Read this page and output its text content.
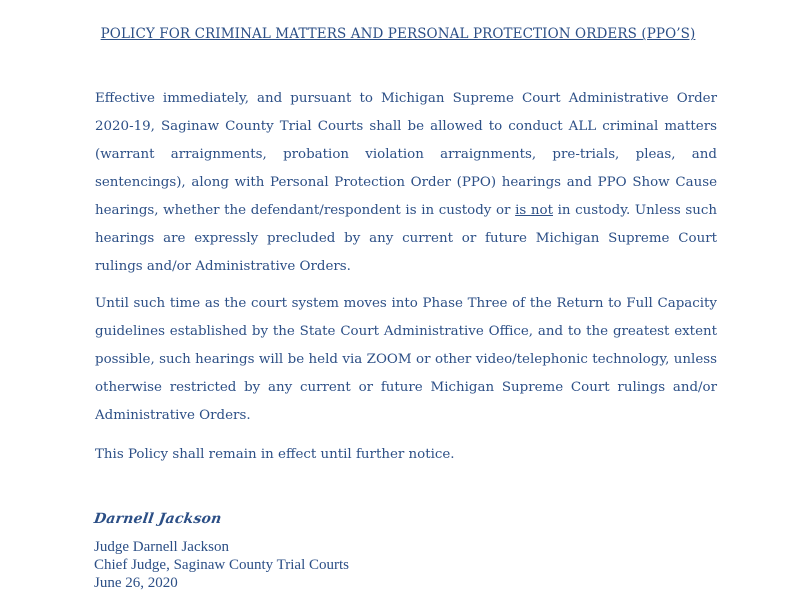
POLICY FOR CRIMINAL MATTERS AND PERSONAL PROTECTION ORDERS (PPO’S)

Effective immediately, and pursuant to Michigan Supreme Court Administrative Order 2020-19, Saginaw County Trial Courts shall be allowed to conduct ALL criminal matters (warrant arraignments, probation violation arraignments, pre-trials, pleas, and sentencings), along with Personal Protection Order (PPO) hearings and PPO Show Cause hearings, whether the defendant/respondent is in custody or is not in custody. Unless such hearings are expressly precluded by any current or future Michigan Supreme Court rulings and/or Administrative Orders.

Until such time as the court system moves into Phase Three of the Return to Full Capacity guidelines established by the State Court Administrative Office, and to the greatest extent possible, such hearings will be held via ZOOM or other video/telephonic technology, unless otherwise restricted by any current or future Michigan Supreme Court rulings and/or Administrative Orders.

This Policy shall remain in effect until further notice.

Darnell Jackson
Judge Darnell Jackson
Chief Judge, Saginaw County Trial Courts
June 26, 2020
